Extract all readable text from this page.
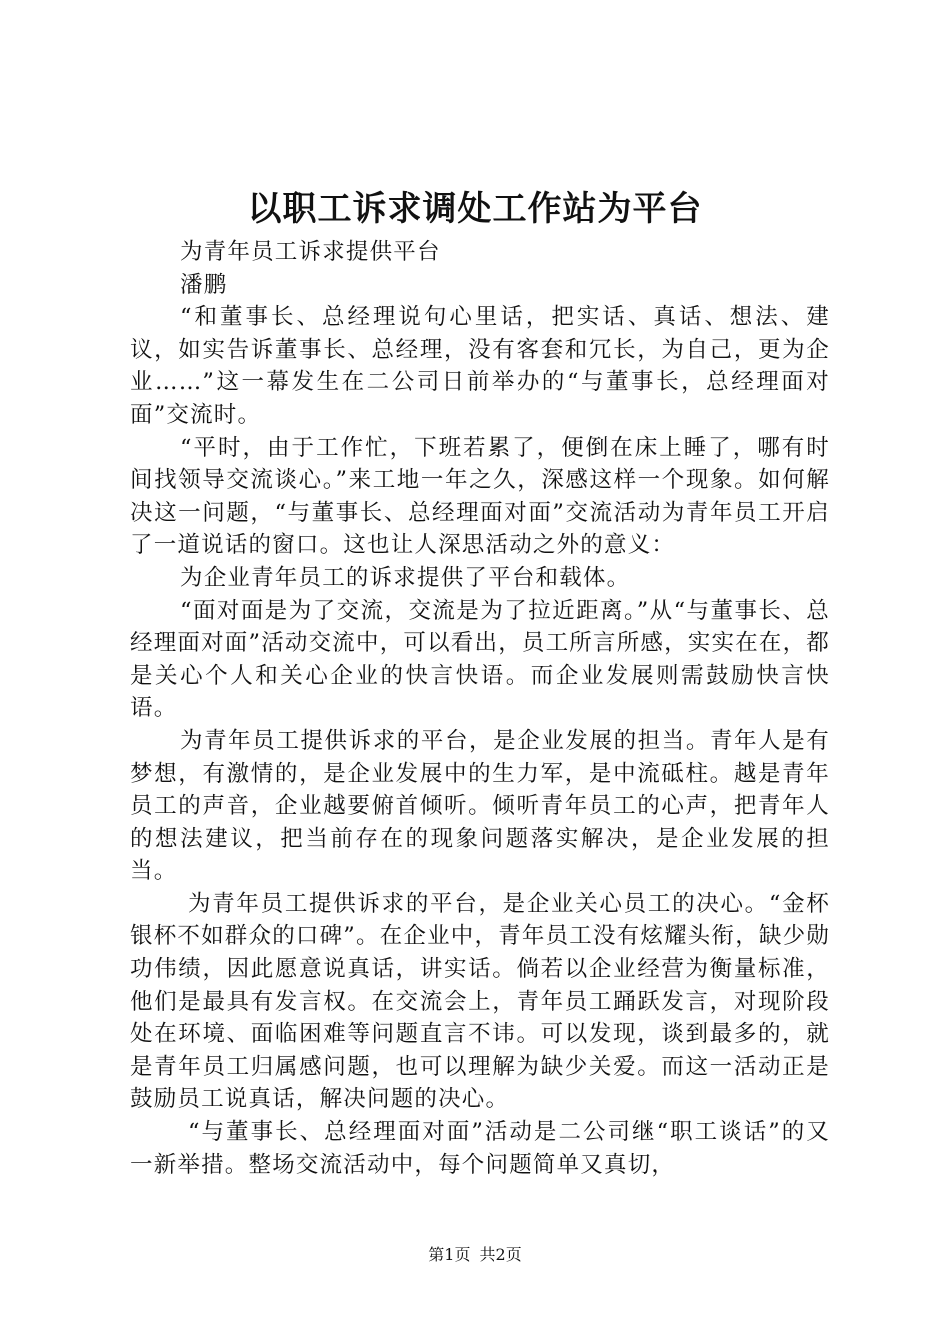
以职工诉求调处工作站为平台

为青年员工诉求提供平台

潘鹏

“和董事长、总经理说句心里话，把实话、真话、想法、建议，如实告诉董事长、总经理，没有客套和冗长，为自己，更为企业……”这一幕发生在二公司日前举办的“与董事长，总经理面对面”交流时。

“平时，由于工作忙，下班若累了，便倒在床上睡了，哪有时间找领导交流谈心。”来工地一年之久，深感这样一个现象。如何解决这一问题，“与董事长、总经理面对面”交流活动为青年员工开启了一道说话的窗口。这也让人深思活动之外的意义：

为企业青年员工的诉求提供了平台和载体。

“面对面是为了交流，交流是为了拉近距离。”从“与董事长、总经理面对面”活动交流中，可以看出，员工所言所感，实实在在，都是关心个人和关心企业的快言快语。而企业发展则需鼓励快言快语。

为青年员工提供诉求的平台，是企业发展的担当。青年人是有梦想，有激情的，是企业发展中的生力军，是中流砥柱。越是青年员工的声音，企业越要俯首倾听。倾听青年员工的心声，把青年人的想法建议，把当前存在的现象问题落实解决，是企业发展的担当。

为青年员工提供诉求的平台，是企业关心员工的决心。“金杯银杯不如群众的口碑”。在企业中，青年员工没有炫耀头衔，缺少勋功伟绩，因此愿意说真话，讲实话。倘若以企业经营为衡量标准，他们是最具有发言权。在交流会上，青年员工踊跃发言，对现阶段处在环境、面临困难等问题直言不讳。可以发现，谈到最多的，就是青年员工归属感问题，也可以理解为缺少关爱。而这一活动正是鼓励员工说真话，解决问题的决心。

“与董事长、总经理面对面”活动是二公司继“职工谈话”的又一新举措。整场交流活动中，每个问题简单又真切，

第1页 共2页
